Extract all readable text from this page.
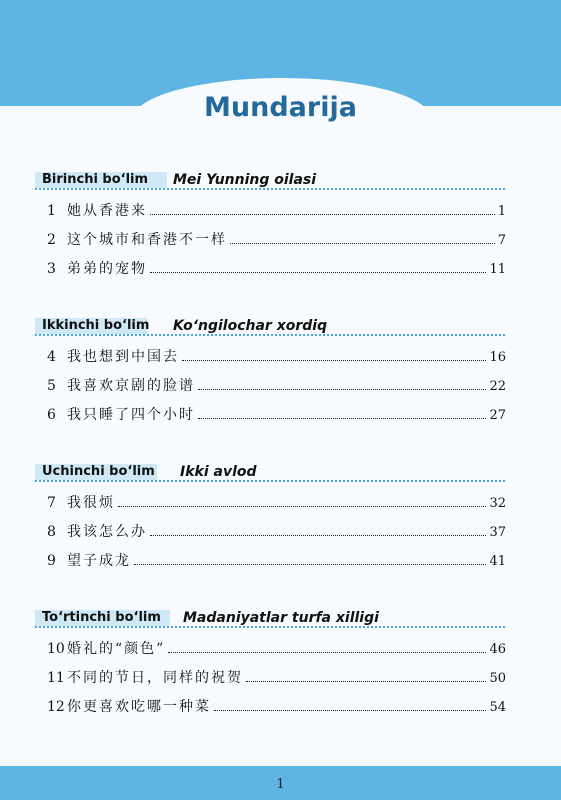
Mundarija
Birinchi bo‘lim Mei Yunning oilasi
1 她从香港来	1
2 这个城市和香港不一样	7
3 弟弟的宠物	11
Ikkinchi bo‘lim Ko‘ngilochar xordiq
4 我也想到中国去	16
5 我喜欢京剧的脸谱	22
6 我只睡了四个小时	27
Uchinchi bo‘lim Ikki avlod
7 我很烦	32
8 我该怎么办	37
9 望子成龙	41
To‘rtinchi bo‘lim Madaniyatlar turfa xilligi
10 婚礼的“颜色”	46
11 不同的节日，同样的祝贺	50
12 你更喜欢吃哪一种菜	54
1
